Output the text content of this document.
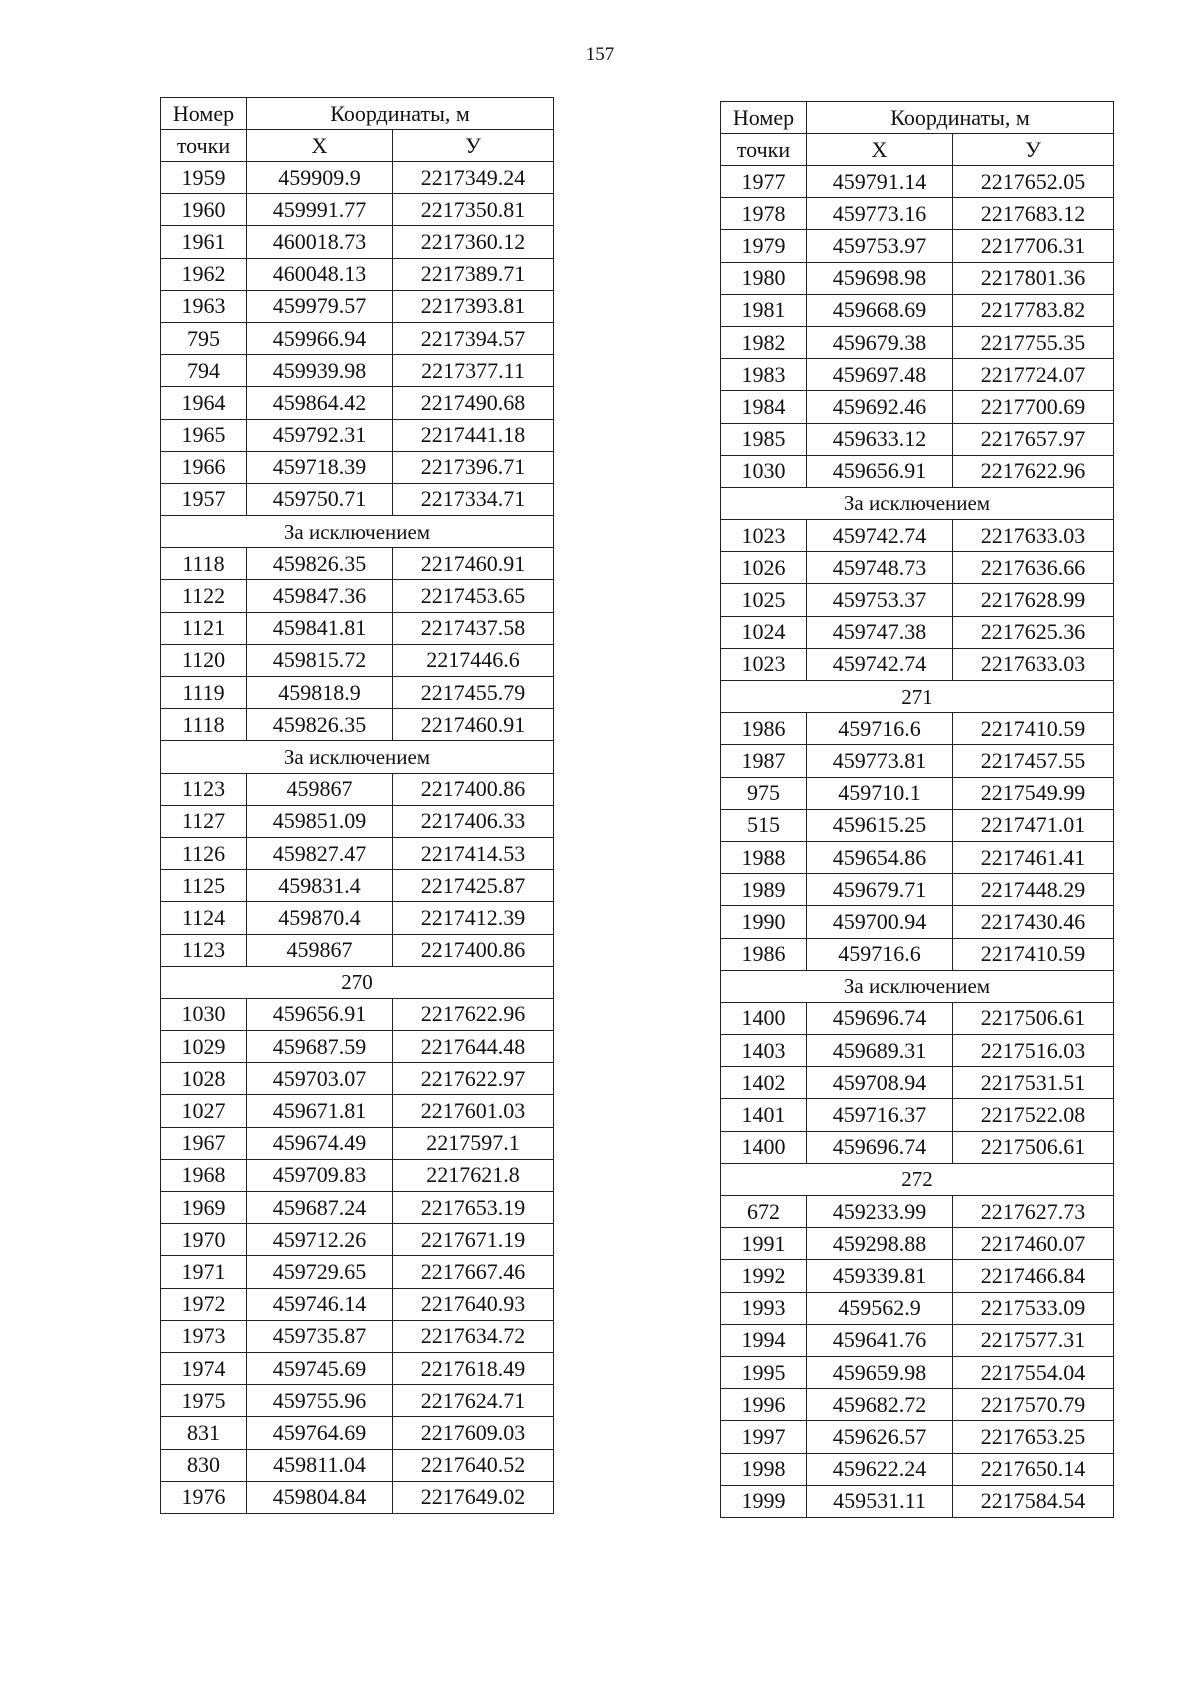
157
Номер	Координаты, м	
точки	X	У
1959	459909.9	2217349.24
1960	459991.77	2217350.81
1961	460018.73	2217360.12
1962	460048.13	2217389.71
1963	459979.57	2217393.81
795	459966.94	2217394.57
794	459939.98	2217377.11
1964	459864.42	2217490.68
1965	459792.31	2217441.18
1966	459718.39	2217396.71
1957	459750.71	2217334.71
За исключением		
1118	459826.35	2217460.91
1122	459847.36	2217453.65
1121	459841.81	2217437.58
1120	459815.72	2217446.6
1119	459818.9	2217455.79
1118	459826.35	2217460.91
За исключением		
1123	459867	2217400.86
1127	459851.09	2217406.33
1126	459827.47	2217414.53
1125	459831.4	2217425.87
1124	459870.4	2217412.39
1123	459867	2217400.86
270		
1030	459656.91	2217622.96
1029	459687.59	2217644.48
1028	459703.07	2217622.97
1027	459671.81	2217601.03
1967	459674.49	2217597.1
1968	459709.83	2217621.8
1969	459687.24	2217653.19
1970	459712.26	2217671.19
1971	459729.65	2217667.46
1972	459746.14	2217640.93
1973	459735.87	2217634.72
1974	459745.69	2217618.49
1975	459755.96	2217624.71
831	459764.69	2217609.03
830	459811.04	2217640.52
1976	459804.84	2217649.02
Номер	Координаты, м	
точки	X	У
1977	459791.14	2217652.05
1978	459773.16	2217683.12
1979	459753.97	2217706.31
1980	459698.98	2217801.36
1981	459668.69	2217783.82
1982	459679.38	2217755.35
1983	459697.48	2217724.07
1984	459692.46	2217700.69
1985	459633.12	2217657.97
1030	459656.91	2217622.96
За исключением		
1023	459742.74	2217633.03
1026	459748.73	2217636.66
1025	459753.37	2217628.99
1024	459747.38	2217625.36
1023	459742.74	2217633.03
271		
1986	459716.6	2217410.59
1987	459773.81	2217457.55
975	459710.1	2217549.99
515	459615.25	2217471.01
1988	459654.86	2217461.41
1989	459679.71	2217448.29
1990	459700.94	2217430.46
1986	459716.6	2217410.59
За исключением		
1400	459696.74	2217506.61
1403	459689.31	2217516.03
1402	459708.94	2217531.51
1401	459716.37	2217522.08
1400	459696.74	2217506.61
272		
672	459233.99	2217627.73
1991	459298.88	2217460.07
1992	459339.81	2217466.84
1993	459562.9	2217533.09
1994	459641.76	2217577.31
1995	459659.98	2217554.04
1996	459682.72	2217570.79
1997	459626.57	2217653.25
1998	459622.24	2217650.14
1999	459531.11	2217584.54
